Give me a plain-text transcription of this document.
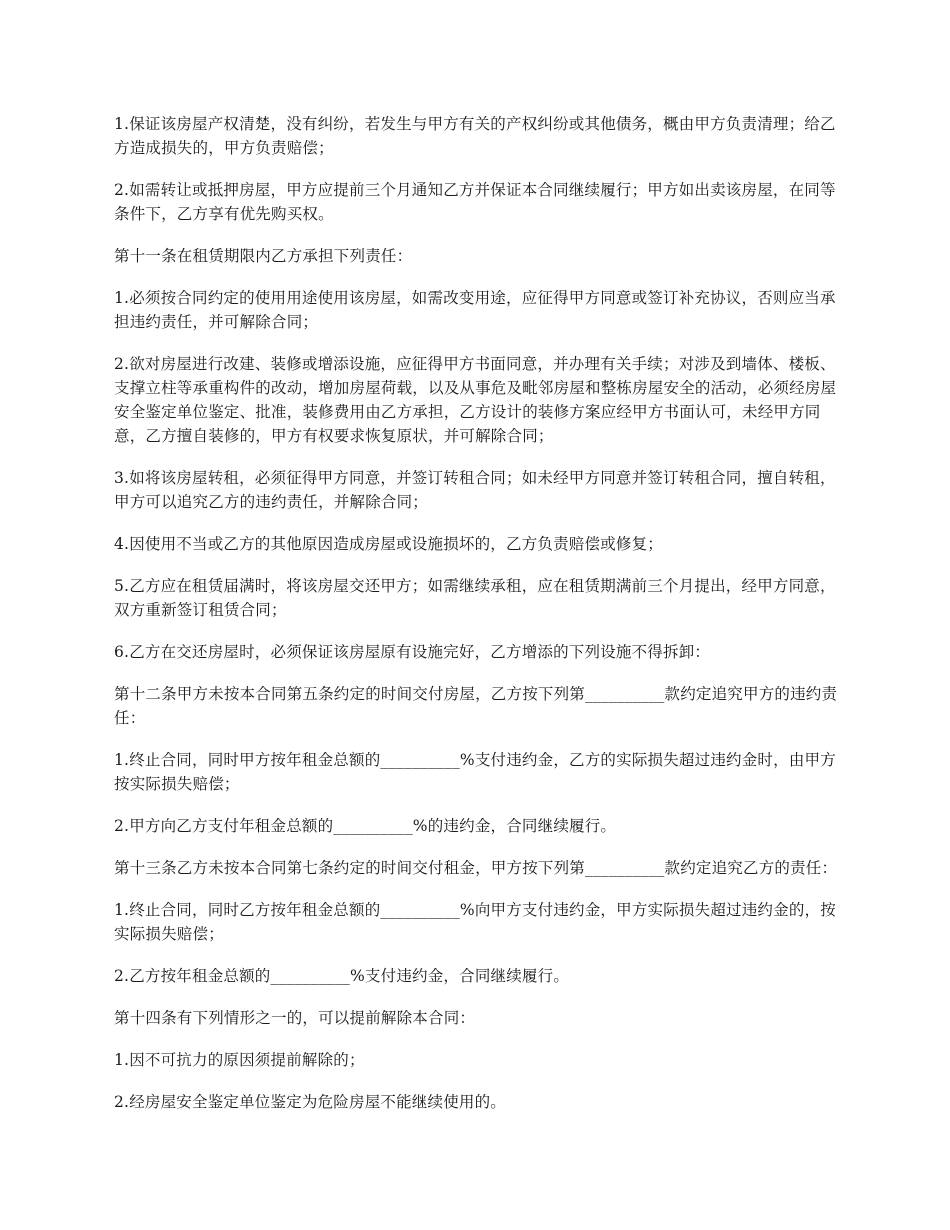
1.保证该房屋产权清楚，没有纠纷，若发生与甲方有关的产权纠纷或其他债务，概由甲方负责清理；给乙方造成损失的，甲方负责赔偿；

2.如需转让或抵押房屋，甲方应提前三个月通知乙方并保证本合同继续履行；甲方如出卖该房屋，在同等条件下，乙方享有优先购买权。

第十一条在租赁期限内乙方承担下列责任：

1.必须按合同约定的使用用途使用该房屋，如需改变用途，应征得甲方同意或签订补充协议，否则应当承担违约责任，并可解除合同；

2.欲对房屋进行改建、装修或增添设施，应征得甲方书面同意，并办理有关手续；对涉及到墙体、楼板、支撑立柱等承重构件的改动，增加房屋荷载，以及从事危及毗邻房屋和整栋房屋安全的活动，必须经房屋安全鉴定单位鉴定、批准，装修费用由乙方承担，乙方设计的装修方案应经甲方书面认可，未经甲方同意，乙方擅自装修的，甲方有权要求恢复原状，并可解除合同；

3.如将该房屋转租，必须征得甲方同意，并签订转租合同；如未经甲方同意并签订转租合同，擅自转租，甲方可以追究乙方的违约责任，并解除合同；

4.因使用不当或乙方的其他原因造成房屋或设施损坏的，乙方负责赔偿或修复；

5.乙方应在租赁届满时，将该房屋交还甲方；如需继续承租，应在租赁期满前三个月提出，经甲方同意，双方重新签订租赁合同；

6.乙方在交还房屋时，必须保证该房屋原有设施完好，乙方增添的下列设施不得拆卸：

第十二条甲方未按本合同第五条约定的时间交付房屋，乙方按下列第__________款约定追究甲方的违约责任：

1.终止合同，同时甲方按年租金总额的__________%支付违约金，乙方的实际损失超过违约金时，由甲方按实际损失赔偿；

2.甲方向乙方支付年租金总额的__________%的违约金，合同继续履行。

第十三条乙方未按本合同第七条约定的时间交付租金，甲方按下列第__________款约定追究乙方的责任：

1.终止合同，同时乙方按年租金总额的__________%向甲方支付违约金，甲方实际损失超过违约金的，按实际损失赔偿；

2.乙方按年租金总额的__________%支付违约金，合同继续履行。

第十四条有下列情形之一的，可以提前解除本合同：

1.因不可抗力的原因须提前解除的；

2.经房屋安全鉴定单位鉴定为危险房屋不能继续使用的。
